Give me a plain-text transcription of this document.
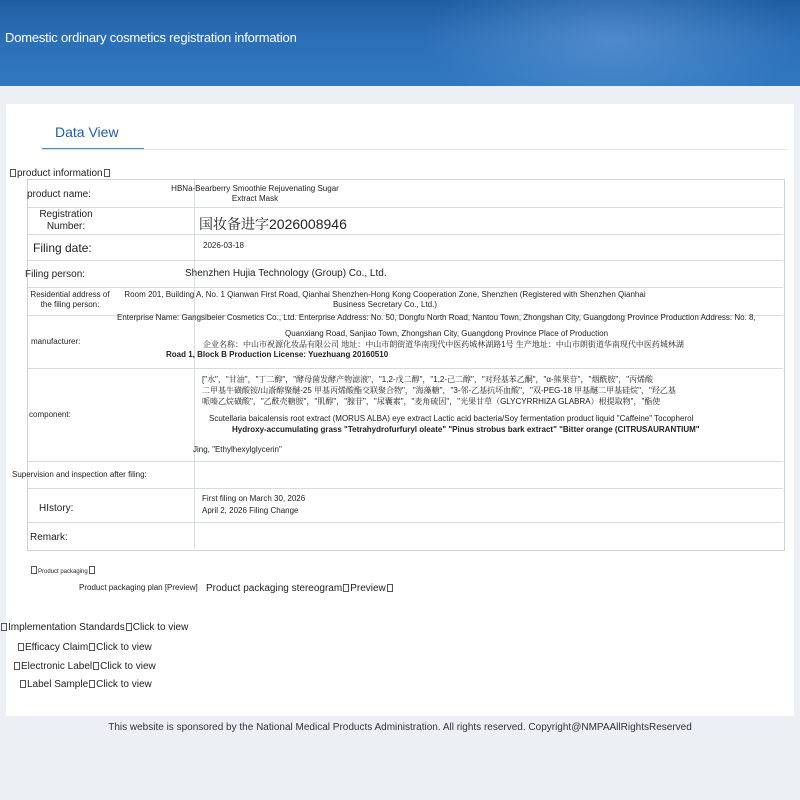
Domestic ordinary cosmetics registration information
Data View
product information
product name:
HBNa-Bearberry Smoothie Rejuvenating Sugar Extract Mask
Registration Number:	国妆备进字2026008946
Filing date:	2026-03-18
Filing person:	Shenzhen Hujia Technology (Group) Co., Ltd.
Residential address of the filing person:
Room 201, Building A, No. 1 Qianwan First Road, Qianhai Shenzhen-Hong Kong Cooperation Zone, Shenzhen (Registered with Shenzhen Qianhai Business Secretary Co., Ltd.)
manufacturer:
Enterprise Name: Gangsibeier Cosmetics Co., Ltd. Enterprise Address: No. 50, Dongfu North Road, Nantou Town, Zhongshan City, Guangdong Province Production Address: No. 8,
Quanxiang Road, Sanjiao Town, Zhongshan City, Guangdong Province Place of Production
企业名称：中山市祝源化妆品有限公司 地址：中山市朗街道华南现代中医药城林湖路1号 生产地址：中山市朗街道华南现代中医药城林湖
Road 1, Block B Production License: Yuezhuang 20160510
component:
["水"，"甘油"，"丁二醇"，"酵母菌发酵产物滤液"，"1,2-戊二醇"，"1,2-己二醇"，"对羟基苯乙酮"，"α-熊果苷"，"烟酰胺"，"丙烯酸
二甲基牛磺酸铵/山嵛醇聚醚-25 甲基丙烯酸酯交联聚合物"，"海藻糖"，"3-邻-乙基抗坏血酸"，"双-PEG-18 甲基醚二甲基硅烷"，"羟乙基
哌嗪乙烷磺酸"，"乙酰壳糖胺"，"肌醇"，"腺苷"，"尿囊素"，"麦角硫因"，"光果甘草（GLYCYRRHIZA GLABRA）根提取物"，"酯使
Scutellaria baicalensis root extract (MORUS ALBA) eye extract Lactic acid bacteria/Soy fermentation product liquid "Caffeine" Tocopherol
Hydroxy-accumulating grass "Tetrahydrofurfuryl oleate" "Pinus strobus bark extract" "Bitter orange (CITRUSAURANTIUM"
Jing, "Ethylhexylglycerin"
Supervision and inspection after filing:
HIstory:
First filing on March 30, 2026
April 2, 2026 Filing Change
Remark:
Product packaging
Product packaging plan [Preview] Product packaging stereogram Preview
Implementation Standards Click to view
Efficacy Claim Click to view
Electronic Label Click to view
Label Sample Click to view
This website is sponsored by the National Medical Products Administration. All rights reserved. Copyright@NMPAAllRightsReserved
